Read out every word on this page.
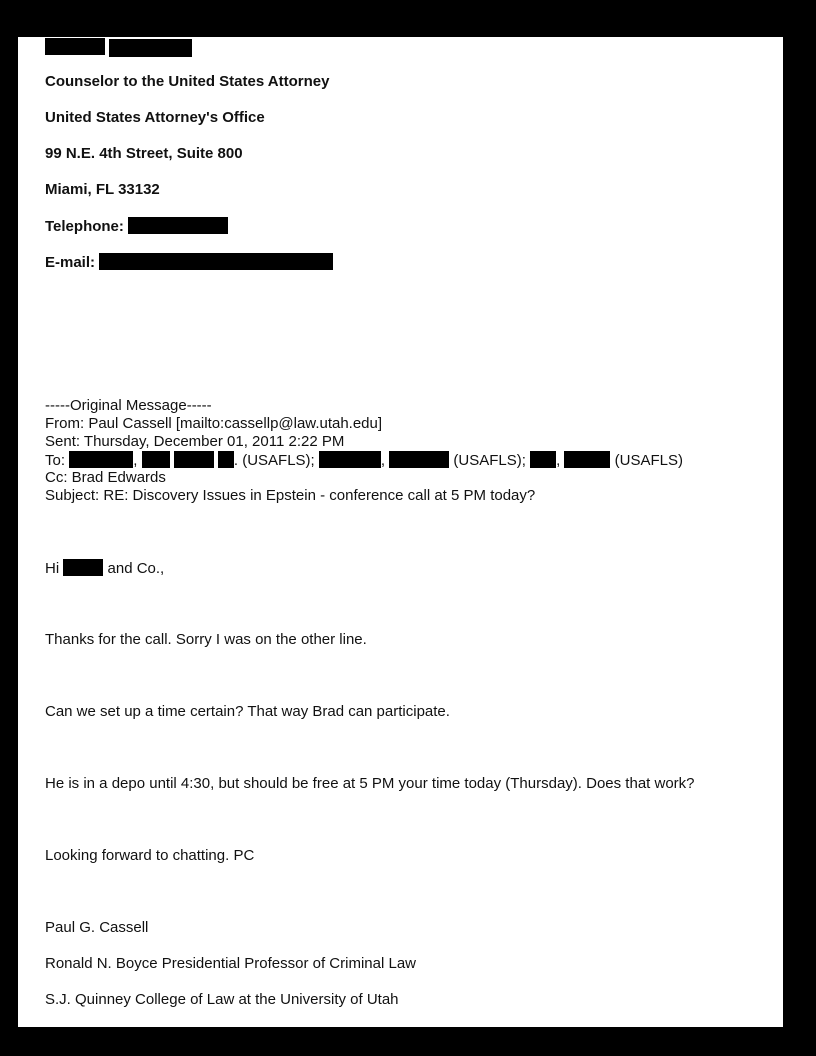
Counselor to the United States Attorney
United States Attorney's Office
99 N.E. 4th Street, Suite 800
Miami, FL 33132
Telephone:
E-mail:
-----Original Message-----
From: Paul Cassell [mailto:cassellp@law.utah.edu]
Sent: Thursday, December 01, 2011 2:22 PM
To:	,	. (USAFLS);	,	(USAFLS); ,	(USAFLS)
Cc: Brad Edwards
Subject: RE: Discovery Issues in Epstein - conference call at 5 PM today?
Hi	and Co.,
Thanks for the call. Sorry I was on the other line.
Can we set up a time certain? That way Brad can participate.
He is in a depo until 4:30, but should be free at 5 PM your time today (Thursday). Does that work?
Looking forward to chatting. PC
Paul G. Cassell
Ronald N. Boyce Presidential Professor of Criminal Law
S.J. Quinney College of Law at the University of Utah
